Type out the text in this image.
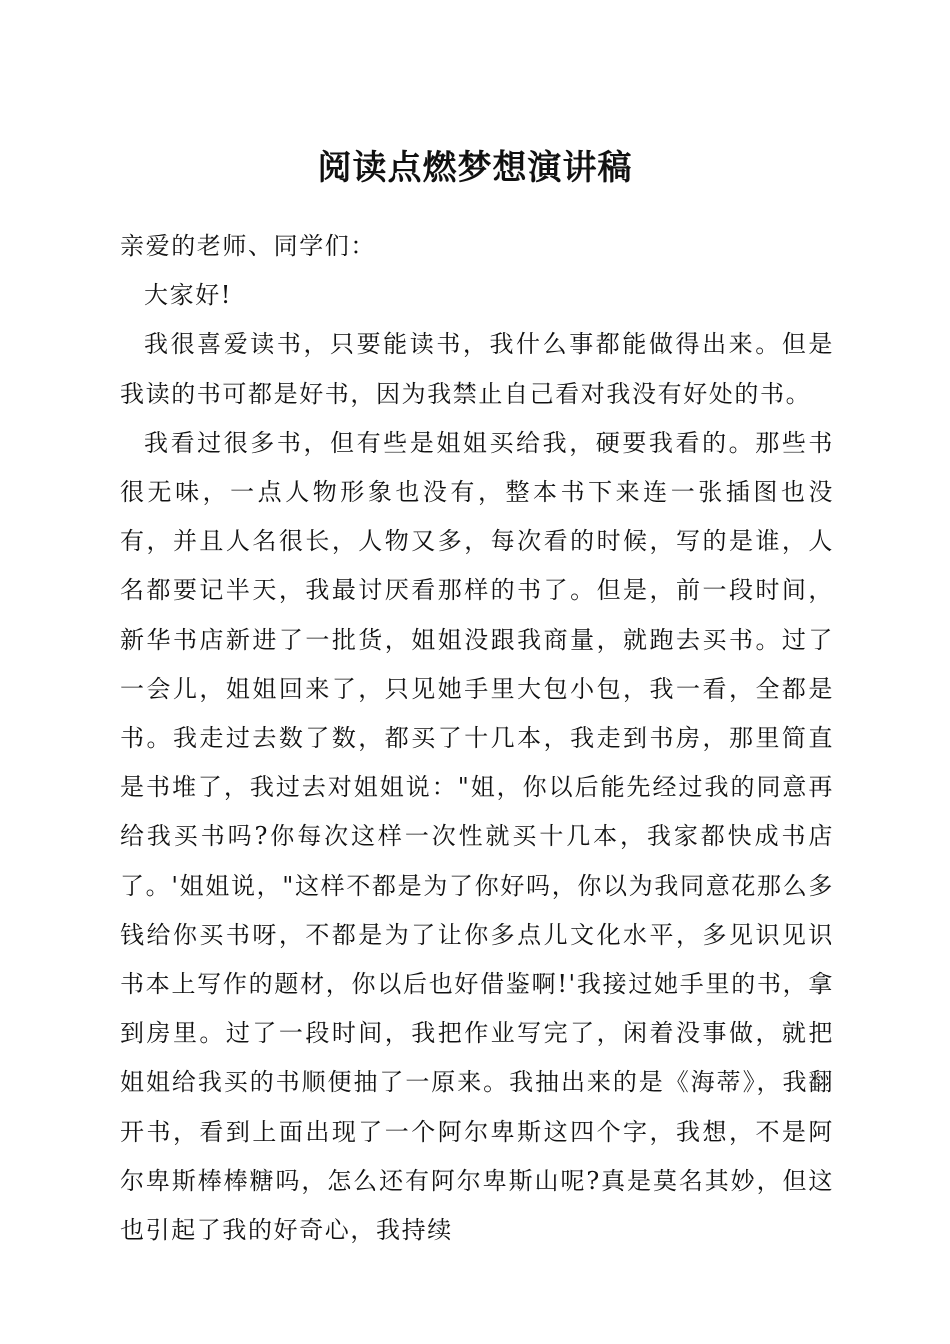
阅读点燃梦想演讲稿

亲爱的老师、同学们：

大家好!

我很喜爱读书，只要能读书，我什么事都能做得出来。但是我读的书可都是好书，因为我禁止自己看对我没有好处的书。

我看过很多书，但有些是姐姐买给我，硬要我看的。那些书很无味，一点人物形象也没有，整本书下来连一张插图也没有，并且人名很长，人物又多，每次看的时候，写的是谁，人名都要记半天，我最讨厌看那样的书了。但是，前一段时间，新华书店新进了一批货，姐姐没跟我商量，就跑去买书。过了一会儿，姐姐回来了，只见她手里大包小包，我一看，全都是书。我走过去数了数，都买了十几本，我走到书房，那里简直是书堆了，我过去对姐姐说："姐，你以后能先经过我的同意再给我买书吗?你每次这样一次性就买十几本，我家都快成书店了。'姐姐说，"这样不都是为了你好吗，你以为我同意花那么多钱给你买书呀，不都是为了让你多点儿文化水平，多见识见识书本上写作的题材，你以后也好借鉴啊!'我接过她手里的书，拿到房里。过了一段时间，我把作业写完了，闲着没事做，就把姐姐给我买的书顺便抽了一原来。我抽出来的是《海蒂》，我翻开书，看到上面出现了一个阿尔卑斯这四个字，我想，不是阿尔卑斯棒棒糖吗，怎么还有阿尔卑斯山呢?真是莫名其妙，但这也引起了我的好奇心，我持续
